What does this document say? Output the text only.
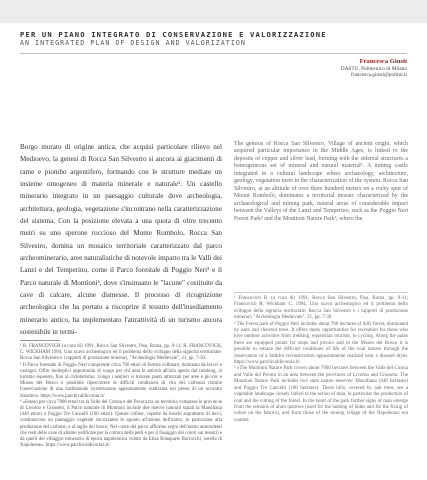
PER UN PIANO INTEGRATO DI CONSERVAZIONE E VALORIZZAZIONE
AN INTEGRATED PLAN OF DESIGN AND VALORIZATION
Francesca Giusti
DASTU, Politecnico di Milano
francesca.giusti@polimi.it

Borgo murato di origine antica, che acquisì particolare rilievo nel Medioevo, la genesi di Rocca San Silvestro si ancora ai giacimenti di rame e piombo argentifero, formando con le strutture mediate un insieme omogeneo di materia minerale e naturale¹. Un castello minerario integrato in un paesaggio culturale dove archeologia, architettura, geologia, vegetazione s'incontrano nella caratterizzazione del sistema. Con la posizione elevata a una quota di oltre trecento metri su uno sperone roccioso del Monte Rombolo, Rocca San Silvestro, domina un mosaico territoriale caratterizzato dal parco archeominerario, aree naturalistiche di notevole impatto tra le Valli dei Lanzi e del Temperino, come il Parco forestale di Poggio Neri² e il Parco naturale di Montioni³, dove s'insinuano le "lacune" costituite da cave di calcare, alcune dismesse. Il processo di ricognizione archeologica che ha portato a riscoprire il tessuto dell'insediamento minerario antico, ha implementato l'attrattività di un turismo ancora sostenibile in termi-

¹ R. FRANCOVICH (a cura di) 1991, Rocca San Silvestro, Pisa, Roma, pp. 9-11; R. FRANCOVICH, C. WICKHAM 1994, Uno scavo archeologico ed il problema dello sviluppo della signoria territoriale: Rocca San Silvestro e i rapporti di produzione minerari, "Archeologia Medievale", 21, pp. 7-30.

² Il Parco forestale di Poggio Neri comprende circa 700 ettari di foresta collinare, dominata da leccci e castagni. Offre molteplici opportunità di svago per chi ama le attività all'aria aperta dal trekking, al turismo equestre, fino al cicloturismo. Lungo i sentieri si trovano punti attrezzati per aree e pic-nic e Museo del Bosco è possibile ripercorrere le difficili condizioni di vita dei carbonai tramite l'osservazione di una tradizionale ricostruzione appositamente realizzata nei pressi di un accurato dinamico. https://www.parchivaldicornia.it/

³ «Esteso per circa 7000 ettari tra la Valle del Cornia e del Pecora tra un territorio comprese le provincie di Livorno e Grosseto, il Parco naturale di Montioni include due riserve naturali statali la Marsiliana (440 ettari) e Poggio Tre Cancelli (100 ettari). Queste colline, coperte da boschi soprattutto di lecci, costituiscono un paesaggio vegetale riscrizzante lo agonio all'azione dell'uomo, in particolare alla produzione del carbone, e al taglio del bosco. Nel cuore del parco affiorino segni dell'uomo antecedenti che resti delle cave di allume (edificate per la cottura della pelli e per il fissaggio dei colori sui tessuti) e da quelli del villaggio minerario di epoca napoleonica voluto da Elisa Bonaparte Baciocchi, sorella di Napoleone». https://www.parchivaldicornia.it/

The genesis of Rocca San Silvestro, Village of ancient origin, which acquired particular importance in the Middle Ages, is linked to the deposits of copper and silver lead, forming with the sidereal structures a homogeneous set of mineral and natural material¹. A mining castle integrated in a cultural landscape where archaeology, architecture, geology, vegetation meet in the characterization of the system. Rocca San Silvestro, at an altitude of over three hundred meters on a rocky spur of Mount Rombolo, dominates a territorial mosaic characterized by the archaeological and mining park, natural areas of considerable impact between the Valleys of the Lanzi and Temperino, such as the Poggio Neri Forest Park² and the Montioni Nature Park³, where the

¹ Francovich R. (a cura di) 1991, Rocca San Silvestro, Pisa, Roma, pp. 9-11; Francovich R, Wickham C. 1994, Uno scavo archeologico ed il problema dello sviluppo della signoria territoriale: Rocca San Silvestro e i rapporti di produzione minerari, "Archeologia Medievale", 21, pp. 7-30.

² The Forest park of Poggio Neri includes about 700 hectares of hilly forest, dominated by oaks and chestnut trees. It offers many opportunities for recreation for those who love outdoor activities from trekking, equestrian tourism, to cycling. Along the paths there are equipped points for stops and picnics and in the Museo del Bosco it is possible to retrace the difficult conditions of life of the coal miners through the observation of a faithful reconstruction appositamente realized near a disused dryer. https://www.parchivaldicornia.it/

³ «The Montioni Nature Park covers about 7000 hectares between the Valle del Cornia and Valle del Pecora in an area between the provinces of Livorno and Grosseto. The Montioni Nature Park includes two state nature reserves: Marsiliana (440 hectares) and Poggio Tre Cancelli (100 hectares). These hills, covered by oak trees, are a vegetable landscape closely linked to the action of man, in particular the production of coal and the cutting of the forest. In the heart of the park further signs of man emerge from the remains of alum quarries (used for the tanning of hides and for the fixing of colors on the fabrics), and from those of the mining village of the Napoleonic era wanted
